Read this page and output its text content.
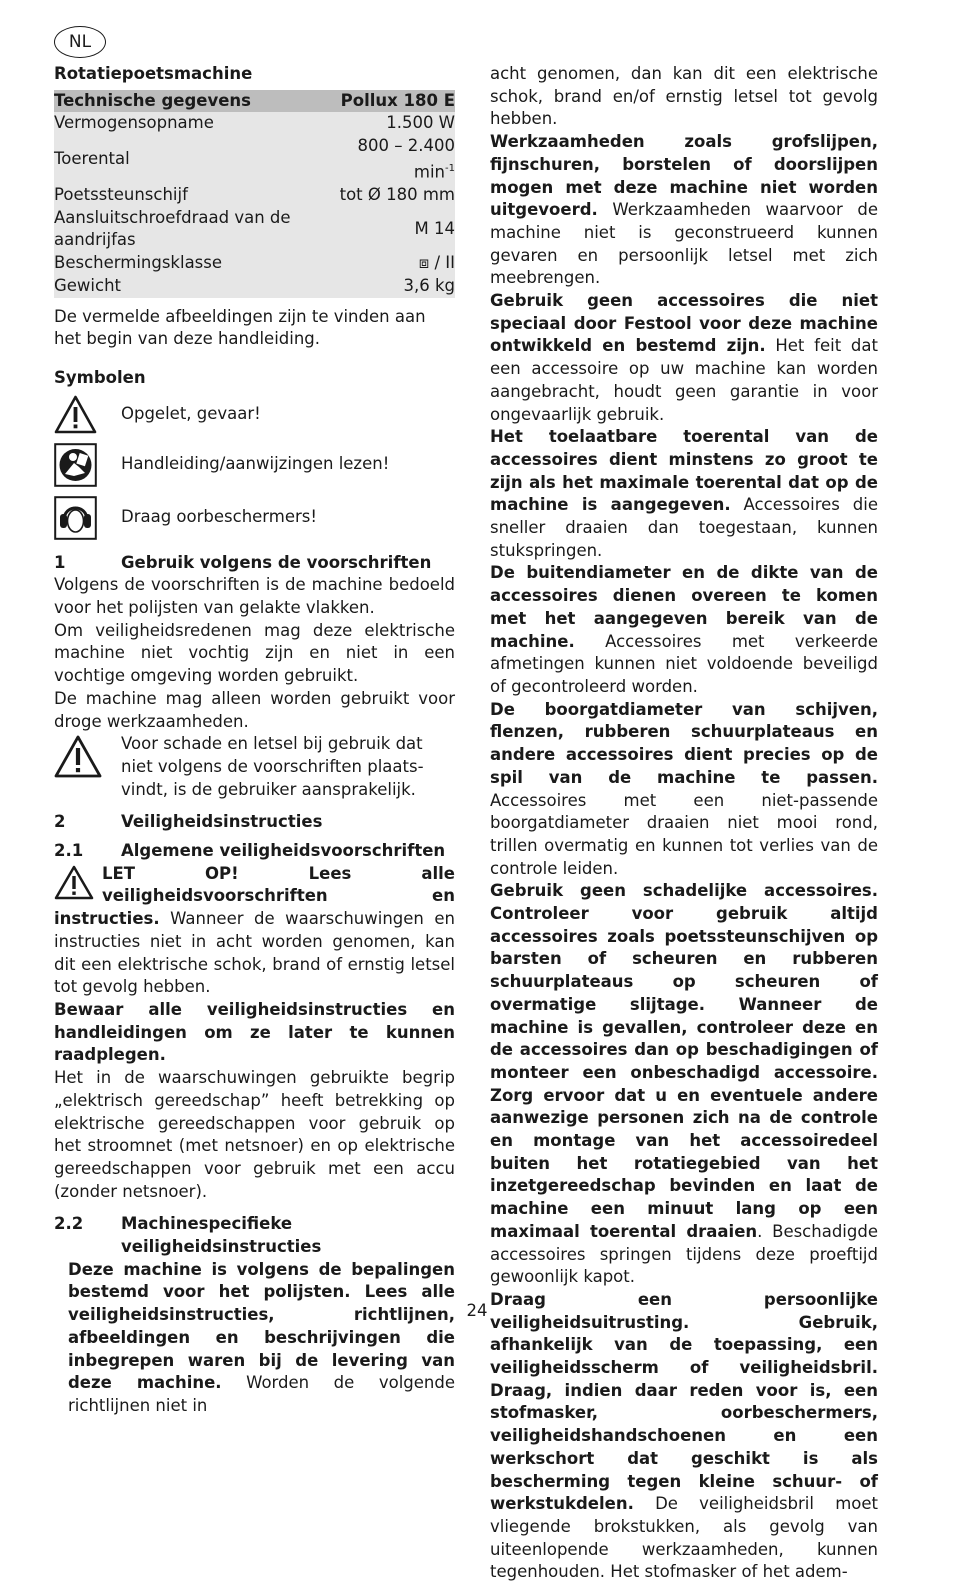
NL

Rotatiepoetsmachine

Technische gegevens	Pollux 180 E
Vermogensopname	1.500 W
Toerental	800 – 2.400 $\min^{-1}$
Poetssteunschijf	tot Ø 180 mm
Aansluitschroefdraad van de aandrijfas	M 14
Beschermingsklasse	⧈ / II
Gewicht	3,6 kg

De vermelde afbeeldingen zijn te vinden aan het begin van deze handleiding.

Symbolen

Opgelet, gevaar!
Handleiding/aanwijzingen lezen!
Draag oorbeschermers!
1	Gebruik volgens de voorschriften

Volgens de voorschriften is de machine bedoeld voor het polijsten van gelakte vlakken.

Om veiligheidsredenen mag deze elektrische machine niet vochtig zijn en niet in een vochtige omgeving worden gebruikt.

De machine mag alleen worden gebruikt voor droge werkzaamheden.

Voor schade en letsel bij gebruik dat niet volgens de voorschriften plaats-vindt, is de gebruiker aansprakelijk.
2	Veiligheidsinstructies
2.1	Algemene veiligheidsvoorschriften

LET OP! Lees alle veiligheidsvoorschriften en instructies. Wanneer de waarschuwingen en instructies niet in acht worden genomen, kan dit een elektrische schok, brand of ernstig letsel tot gevolg hebben.

Bewaar alle veiligheidsinstructies en handleidingen om ze later te kunnen raadplegen.

Het in de waarschuwingen gebruikte begrip „elektrisch gereedschap” heeft betrekking op elektrische gereedschappen voor gebruik op het stroomnet (met netsnoer) en op elektrische gereedschappen voor gebruik met een accu (zonder netsnoer).

2.2	Machinespecifieke veiligheidsinstructies

Deze machine is volgens de bepalingen bestemd voor het polijsten. Lees alle veiligheidsinstructies, richtlijnen, afbeeldingen en beschrijvingen die inbegrepen waren bij de levering van deze machine. Worden de volgende richtlijnen niet in

acht genomen, dan kan dit een elektrische schok, brand en/of ernstig letsel tot gevolg hebben.

Werkzaamheden zoals grofslijpen, fijnschuren, borstelen of doorslijpen mogen met deze machine niet worden uitgevoerd. Werkzaamheden waarvoor de machine niet is geconstrueerd kunnen gevaren en persoonlijk letsel met zich meebrengen.

Gebruik geen accessoires die niet speciaal door Festool voor deze machine ontwikkeld en bestemd zijn. Het feit dat een accessoire op uw machine kan worden aangebracht, houdt geen garantie in voor ongevaarlijk gebruik.

Het toelaatbare toerental van de accessoires dient minstens zo groot te zijn als het maximale toerental dat op de machine is aangegeven. Accessoires die sneller draaien dan toegestaan, kunnen stukspringen.

De buitendiameter en de dikte van de accessoires dienen overeen te komen met het aangegeven bereik van de machine. Accessoires met verkeerde afmetingen kunnen niet voldoende beveiligd of gecontroleerd worden.

De boorgatdiameter van schijven, flenzen, rubberen schuurplateaus en andere accessoires dient precies op de spil van de machine te passen. Accessoires met een niet-passende boorgatdiameter draaien niet mooi rond, trillen overmatig en kunnen tot verlies van de controle leiden.

Gebruik geen schadelijke accessoires. Controleer voor gebruik altijd accessoires zoals poetssteunschijven op barsten of scheuren en rubberen schuurplateaus op scheuren of overmatige slijtage. Wanneer de machine is gevallen, controleer deze en de accessoires dan op beschadigingen of monteer een onbeschadigd accessoire. Zorg ervoor dat u en eventuele andere aanwezige personen zich na de controle en montage van het accessoiredeel buiten het rotatiegebied van het inzetgereedschap bevinden en laat de machine een minuut lang op een maximaal toerental draaien. Beschadigde accessoires springen tijdens deze proeftijd gewoonlijk kapot.

Draag een persoonlijke veiligheidsuitrusting. Gebruik, afhankelijk van de toepassing, een veiligheidsscherm of veiligheidsbril. Draag, indien daar reden voor is, een stofmasker, oorbeschermers, veiligheidshandschoenen en een werkschort dat geschikt is als bescherming tegen kleine schuur- of werkstukdelen. De veiligheidsbril moet vliegende brokstukken, als gevolg van uiteenlopende werkzaamheden, kunnen tegenhouden. Het stofmasker of het adem-

24
